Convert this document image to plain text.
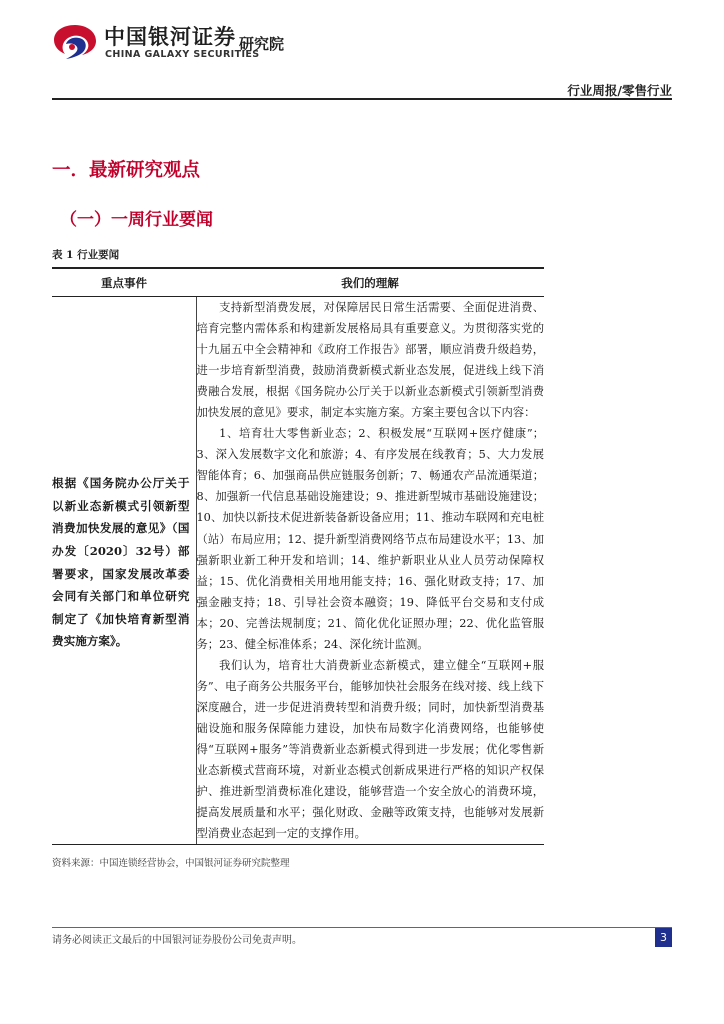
中国银河证券
CHINA GALAXY SECURITIES
研究院
行业周报/零售行业
一．最新研究观点
（一）一周行业要闻
表 1 行业要闻
重点事件	我们的理解

根据《国务院办公厅关于以新业态新模式引领新型消费加快发展的意见》（国办发〔2020〕32号）部署要求，国家发展改革委会同有关部门和单位研究制定了《加快培育新型消费实施方案》。	支持新型消费发展，对保障居民日常生活需要、全面促进消费、培育完整内需体系和构建新发展格局具有重要意义。为贯彻落实党的十九届五中全会精神和《政府工作报告》部署，顺应消费升级趋势，进一步培育新型消费，鼓励消费新模式新业态发展，促进线上线下消费融合发展，根据《国务院办公厅关于以新业态新模式引领新型消费加快发展的意见》要求，制定本实施方案。方案主要包含以下内容：

1、培育壮大零售新业态；2、积极发展“互联网+医疗健康”；3、深入发展数字文化和旅游；4、有序发展在线教育；5、大力发展智能体育；6、加强商品供应链服务创新；7、畅通农产品流通渠道；8、加强新一代信息基础设施建设；9、推进新型城市基础设施建设；10、加快以新技术促进新装备新设备应用；11、推动车联网和充电桩（站）布局应用；12、提升新型消费网络节点布局建设水平；13、加强新职业新工种开发和培训；14、维护新职业从业人员劳动保障权益；15、优化消费相关用地用能支持；16、强化财政支持；17、加强金融支持；18、引导社会资本融资；19、降低平台交易和支付成本；20、完善法规制度；21、简化优化证照办理；22、优化监管服务；23、健全标准体系；24、深化统计监测。

我们认为，培育壮大消费新业态新模式，建立健全“互联网+服务”、电子商务公共服务平台，能够加快社会服务在线对接、线上线下深度融合，进一步促进消费转型和消费升级；同时，加快新型消费基础设施和服务保障能力建设，加快布局数字化消费网络，也能够使得“互联网+服务”等消费新业态新模式得到进一步发展；优化零售新业态新模式营商环境，对新业态模式创新成果进行严格的知识产权保护、推进新型消费标准化建设，能够营造一个安全放心的消费环境，提高发展质量和水平；强化财政、金融等政策支持，也能够对发展新型消费业态起到一定的支撑作用。

资料来源：中国连锁经营协会，中国银河证券研究院整理
请务必阅读正文最后的中国银河证券股份公司免责声明。	3
